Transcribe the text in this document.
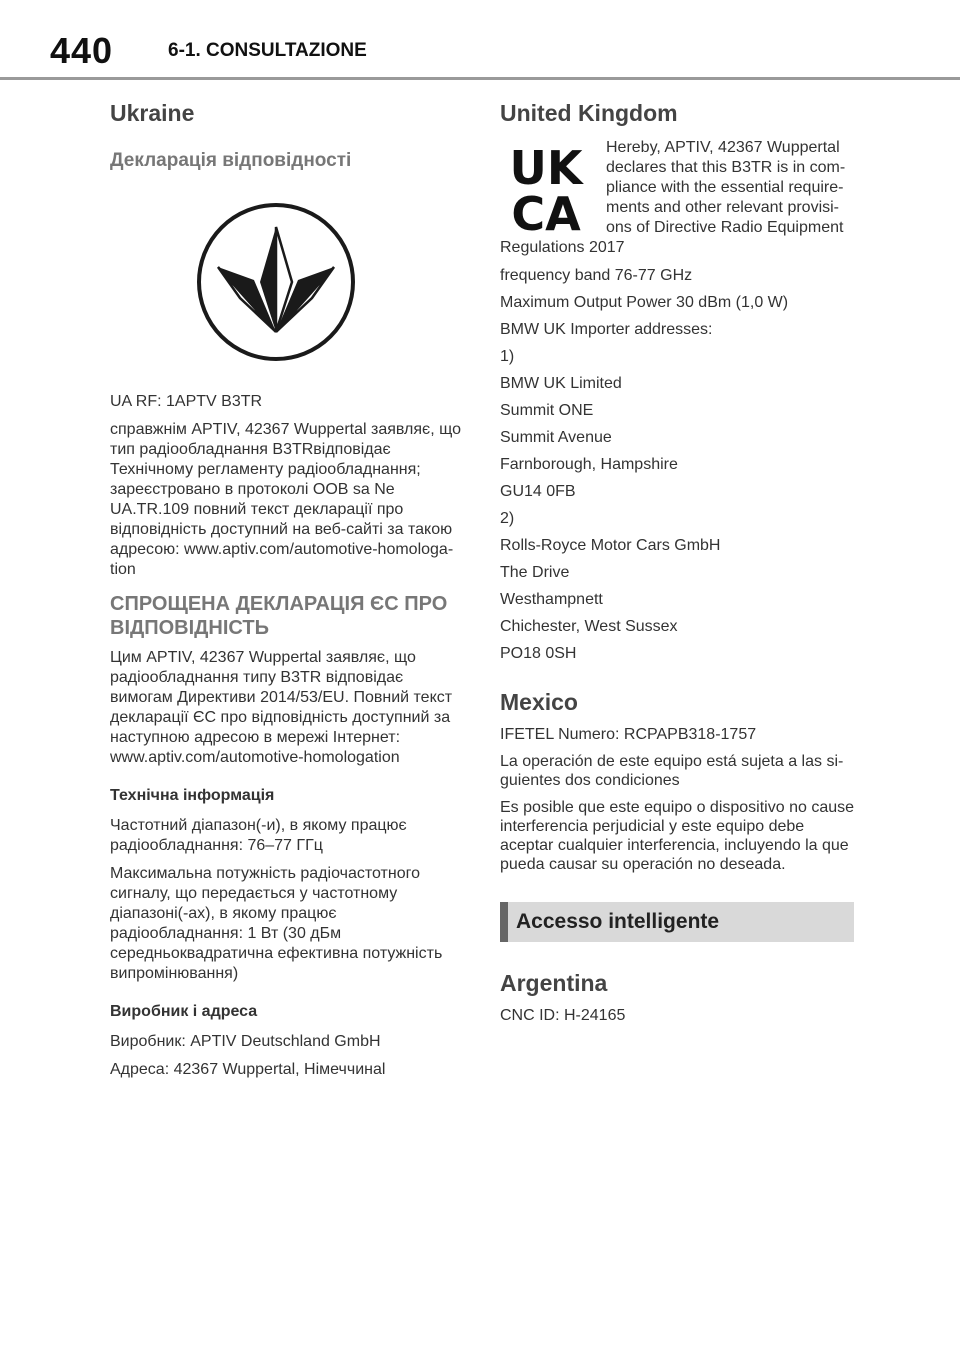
440	6-1. CONSULTAZIONE
Ukraine
Декларація відповідності

UA RF: 1APTV B3TR

справжнім APTIV, 42367 Wuppertal заявляє, що тип радіообладнання B3TRвідповідає Технічному регламенту радіообладнання; зареєстровано в протоколі OOB sa Ne UA.TR.109 повний текст декларації про відповідність доступний на веб-сайті за такою адресою: www.aptiv.com/automotive-homologa-tion

СПРОЩЕНА ДЕКЛАРАЦІЯ ЄС ПРО ВІДПОВІДНІСТЬ

Цим APTIV, 42367 Wuppertal заявляє, що радіообладнання типу B3TR відповідає вимогам Директиви 2014/53/EU. Повний текст декларації ЄС про відповідність доступний за наступною адресою в мережі Інтернет: www.aptiv.com/automotive-homologation

Технічна інформація

Частотний діапазон(-и), в якому працює радіообладнання: 76–77 ГГц

Максимальна потужність радіочастотного сигналу, що передається у частотному діапазоні(-ах), в якому працює радіообладнання: 1 Вт (30 дБм середньоквадратична ефективна потужність випромінювання)

Виробник і адреса

Виробник: APTIV Deutschland GmbH

Адреса: 42367 Wuppertal, Німеччинal

United Kingdom
UK
CA
Hereby, APTIV, 42367 Wuppertal declares that this B3TR is in com-pliance with the essential require-ments and other relevant provisi-ons of Directive Radio Equipment
Regulations 2017

frequency band 76-77 GHz

Maximum Output Power 30 dBm (1,0 W)

BMW UK Importer addresses:

1)

BMW UK Limited

Summit ONE

Summit Avenue

Farnborough, Hampshire

GU14 0FB

2)

Rolls-Royce Motor Cars GmbH

The Drive

Westhampnett

Chichester, West Sussex

PO18 0SH

Mexico

IFETEL Numero: RCPAPB318-1757

La operación de este equipo está sujeta a las si-guientes dos condiciones

Es posible que este equipo o dispositivo no cause interferencia perjudicial y este equipo debe aceptar cualquier interferencia, incluyendo la que pueda causar su operación no deseada.

Accesso intelligente
Argentina

CNC ID: H-24165
